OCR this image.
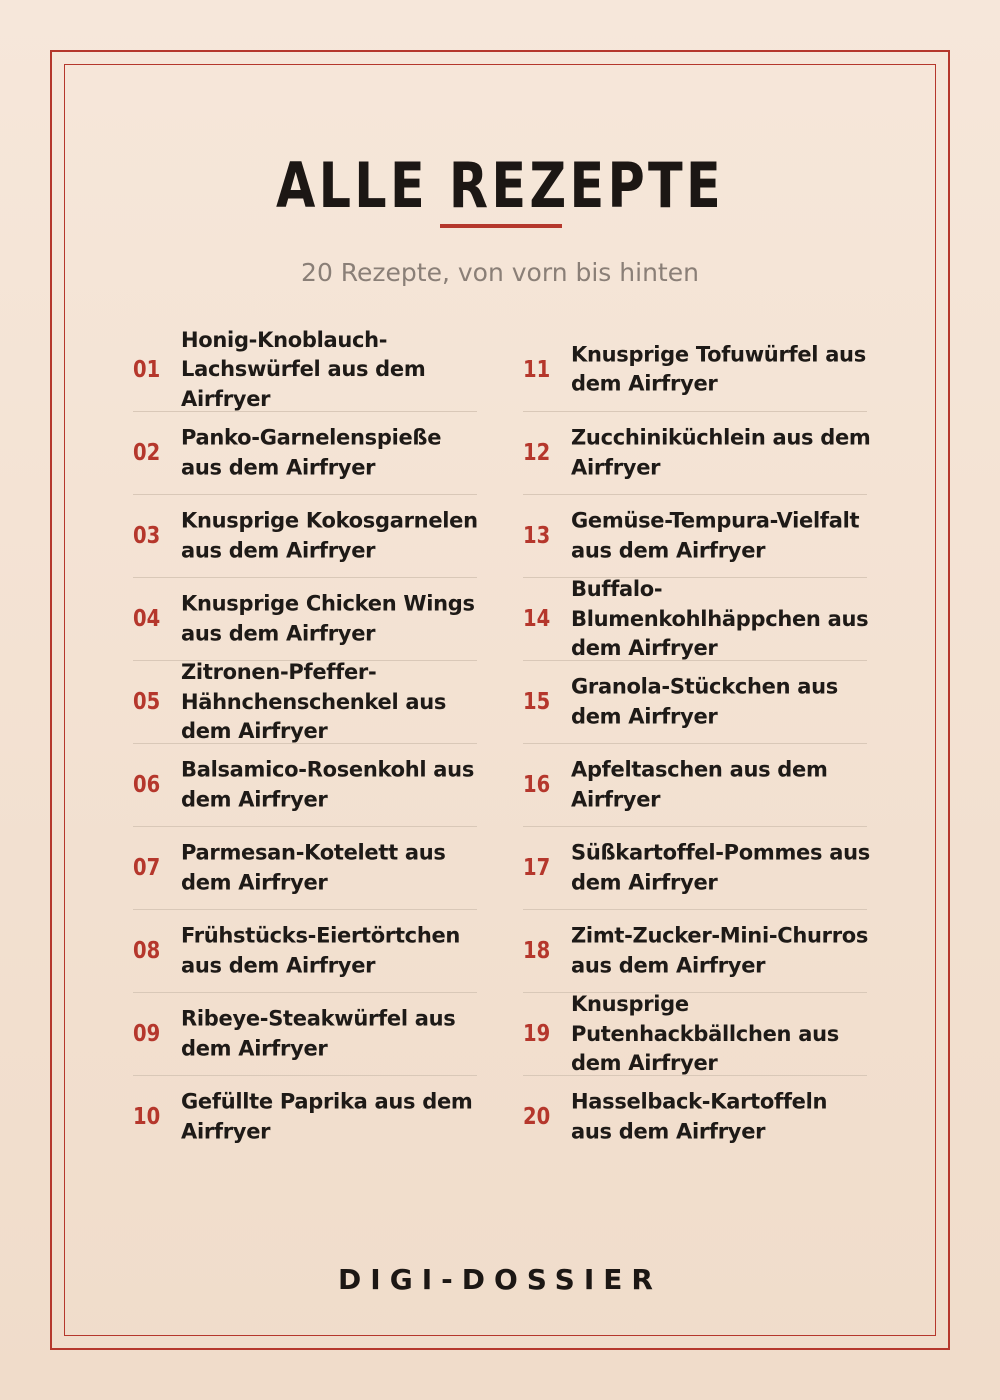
ALLE REZEPTE
20 Rezepte, von vorn bis hinten
01
Honig-Knoblauch-Lachswürfel aus dem Airfryer
02
Panko-Garnelenspieße aus dem Airfryer
03
Knusprige Kokosgarnelen aus dem Airfryer
04
Knusprige Chicken Wings aus dem Airfryer
05
Zitronen-Pfeffer-Hähnchenschenkel aus dem Airfryer
06
Balsamico-Rosenkohl aus dem Airfryer
07
Parmesan-Kotelett aus dem Airfryer
08
Frühstücks-Eiertörtchen aus dem Airfryer
09
Ribeye-Steakwürfel aus dem Airfryer
10
Gefüllte Paprika aus dem Airfryer
11
Knusprige Tofuwürfel aus dem Airfryer
12
Zucchiniküchlein aus dem Airfryer
13
Gemüse-Tempura-Vielfalt aus dem Airfryer
14
Buffalo-Blumenkohlhäppchen aus dem Airfryer
15
Granola-Stückchen aus dem Airfryer
16
Apfeltaschen aus dem Airfryer
17
Süßkartoffel-Pommes aus dem Airfryer
18
Zimt-Zucker-Mini-Churros aus dem Airfryer
19
Knusprige Putenhackbällchen aus dem Airfryer
20
Hasselback-Kartoffeln aus dem Airfryer
DIGI-DOSSIER
